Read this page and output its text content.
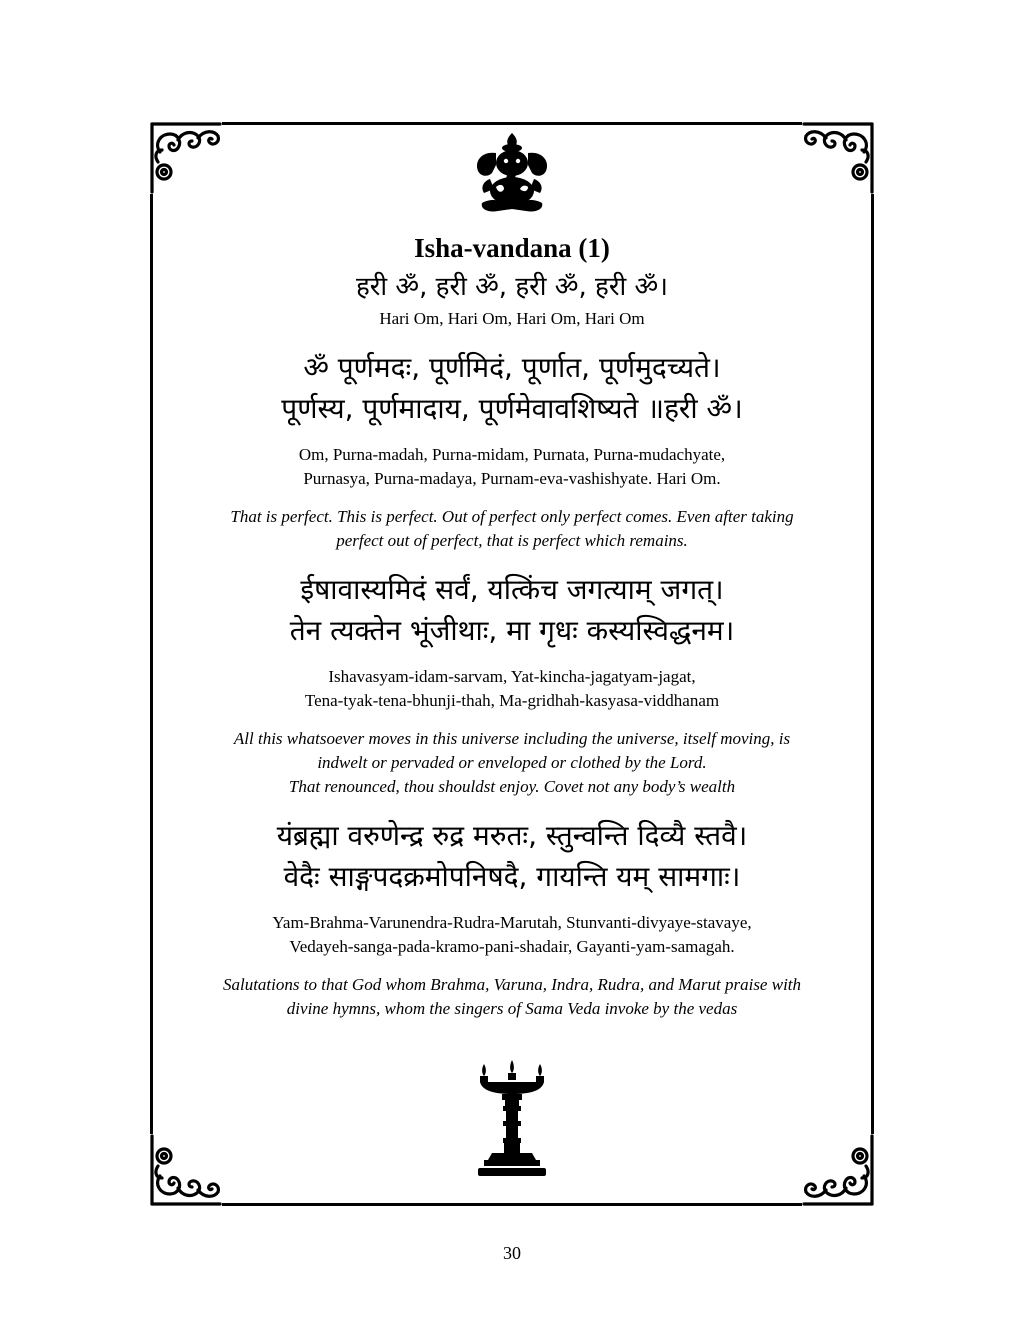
Isha-vandana (1)

हरी ॐ, हरी ॐ, हरी ॐ, हरी ॐ।

Hari Om, Hari Om, Hari Om, Hari Om

ॐ पूर्णमदः, पूर्णमिदं, पूर्णात, पूर्णमुदच्यते।

पूर्णस्य, पूर्णमादाय, पूर्णमेवावशिष्यते ॥हरी ॐ।

Om, Purna-madah, Purna-midam, Purnata, Purna-mudachyate,

Purnasya, Purna-madaya, Purnam-eva-vashishyate. Hari Om.

That is perfect. This is perfect. Out of perfect only perfect comes. Even after taking

perfect out of perfect, that is perfect which remains.

ईषावास्यमिदं सर्वं, यत्किंच जगत्याम् जगत्।

तेन त्यक्तेन भूंजीथाः, मा गृधः कस्यस्विद्धनम।

Ishavasyam-idam-sarvam, Yat-kincha-jagatyam-jagat,

Tena-tyak-tena-bhunji-thah, Ma-gridhah-kasyasa-viddhanam

All this whatsoever moves in this universe including the universe, itself moving, is

indwelt or pervaded or enveloped or clothed by the Lord.

That renounced, thou shouldst enjoy. Covet not any body’s wealth

यंब्रह्मा वरुणेन्द्र रुद्र मरुतः, स्तुन्वन्ति दिव्यै स्तवै।

वेदैः साङ्गपदक्रमोपनिषदै, गायन्ति यम् सामगाः।

Yam-Brahma-Varunendra-Rudra-Marutah, Stunvanti-divyaye-stavaye,

Vedayeh-sanga-pada-kramo-pani-shadair, Gayanti-yam-samagah.

Salutations to that God whom Brahma, Varuna, Indra, Rudra, and Marut praise with

divine hymns, whom the singers of Sama Veda invoke by the vedas

30
